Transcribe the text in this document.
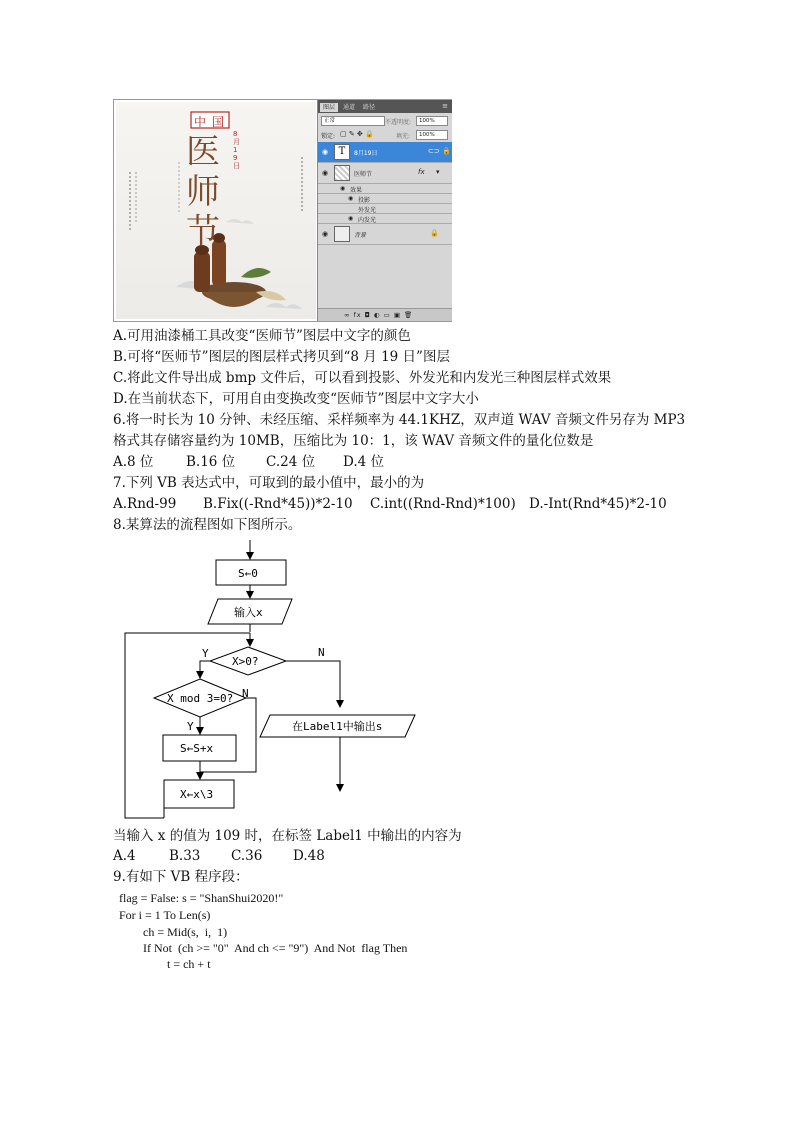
中国
医师节
8月19日
图层	通道	路径	≡
正常	不透明度:	100%
锁定: ▢ ✎ ✥ 🔒	填充:	100%
◉	T	8月19日	⊂⊃ 🔒
◉	医师节	fx ▾
◉ 效果
◉ 投影
外发光
◉ 内发光
◉	背景	🔒
∞ fx ◘ ◐ ▭ ▣ 🗑
A.可用油漆桶工具改变“医师节”图层中文字的颜色
B.可将“医师节”图层的图层样式拷贝到“8 月 19 日”图层
C.将此文件导出成 bmp 文件后，可以看到投影、外发光和内发光三种图层样式效果
D.在当前状态下，可用自由变换改变“医师节”图层中文字大小
6.将一时长为 10 分钟、未经压缩、采样频率为 44.1KHZ，双声道 WAV 音频文件另存为 MP3
格式其存储容量约为 10MB，压缩比为 10：1，该 WAV 音频文件的量化位数是
A.8 位 B.16 位 C.24 位 D.4 位
7.下列 VB 表达式中，可取到的最小值中，最小的为
A.Rnd-99 B.Fix((-Rnd*45))*2-10 C.int((Rnd-Rnd)*100) D.-Int(Rnd*45)*2-10
8.某算法的流程图如下图所示。
S←0
输入x
X>0?
Y	N
X mod 3=0?
Y
N
S←S+x
X←x\3
在Label1中输出s
当输入 x 的值为 109 时，在标签 Label1 中输出的内容为
A.4 B.33 C.36 D.48
9.有如下 VB 程序段：
flag = False: s = "ShanShui2020!"
For i = 1 To Len(s)
ch = Mid(s,  i,  1)
If Not  (ch >= "0"  And ch <= "9")  And Not  flag Then
t = ch + t
